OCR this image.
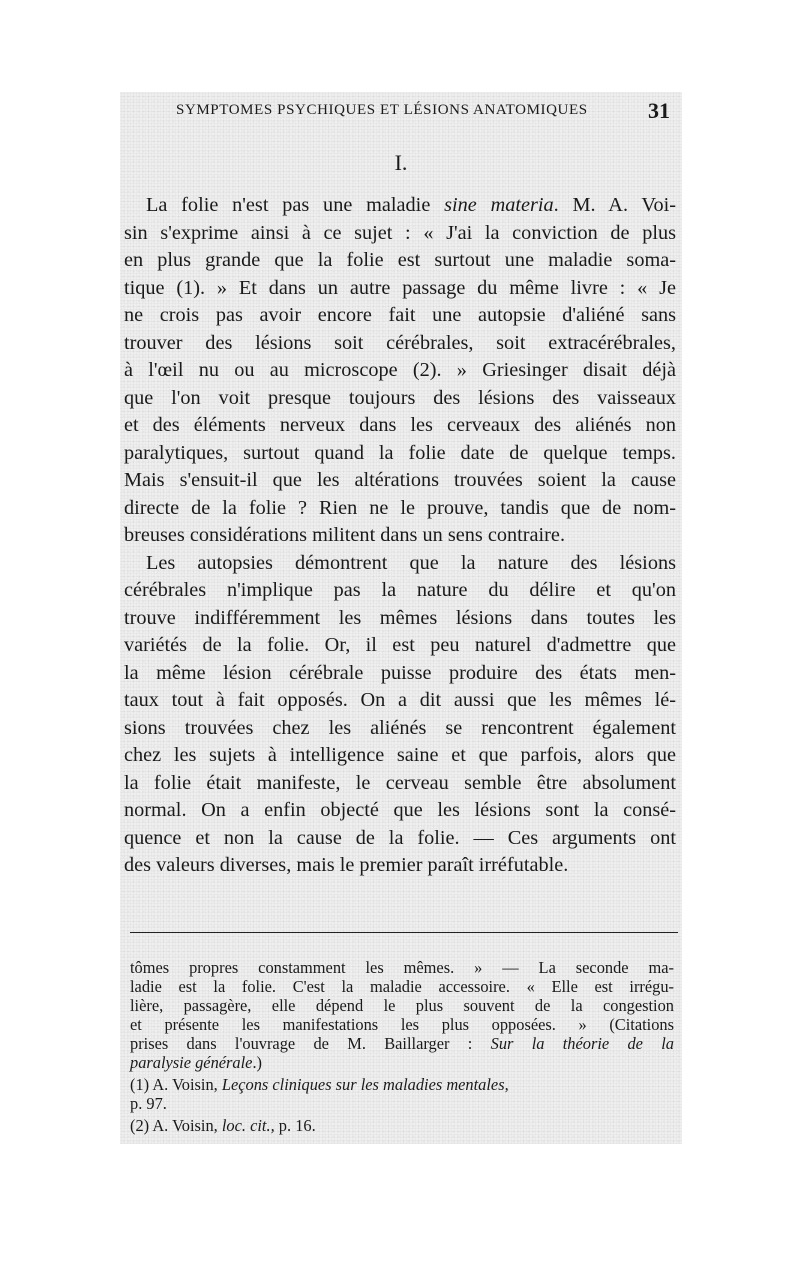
SYMPTOMES PSYCHIQUES ET LÉSIONS ANATOMIQUES	31
I.
La folie n'est pas une maladie sine materia. M. A. Voi-
sin s'exprime ainsi à ce sujet : « J'ai la conviction de plus
en plus grande que la folie est surtout une maladie soma-
tique (1). » Et dans un autre passage du même livre : « Je
ne crois pas avoir encore fait une autopsie d'aliéné sans
trouver des lésions soit cérébrales, soit extracérébrales,
à l'œil nu ou au microscope (2). » Griesinger disait déjà
que l'on voit presque toujours des lésions des vaisseaux
et des éléments nerveux dans les cerveaux des aliénés non
paralytiques, surtout quand la folie date de quelque temps.
Mais s'ensuit-il que les altérations trouvées soient la cause
directe de la folie ? Rien ne le prouve, tandis que de nom-
breuses considérations militent dans un sens contraire.
Les autopsies démontrent que la nature des lésions
cérébrales n'implique pas la nature du délire et qu'on
trouve indifféremment les mêmes lésions dans toutes les
variétés de la folie. Or, il est peu naturel d'admettre que
la même lésion cérébrale puisse produire des états men-
taux tout à fait opposés. On a dit aussi que les mêmes lé-
sions trouvées chez les aliénés se rencontrent également
chez les sujets à intelligence saine et que parfois, alors que
la folie était manifeste, le cerveau semble être absolument
normal. On a enfin objecté que les lésions sont la consé-
quence et non la cause de la folie. — Ces arguments ont
des valeurs diverses, mais le premier paraît irréfutable.
tômes propres constamment les mêmes. » — La seconde ma-
ladie est la folie. C'est la maladie accessoire. « Elle est irrégu-
lière, passagère, elle dépend le plus souvent de la congestion
et présente les manifestations les plus opposées. » (Citations
prises dans l'ouvrage de M. Baillarger : Sur la théorie de la
paralysie générale.)
(1) A. Voisin, Leçons cliniques sur les maladies mentales,
p. 97.
(2) A. Voisin, loc. cit., p. 16.
